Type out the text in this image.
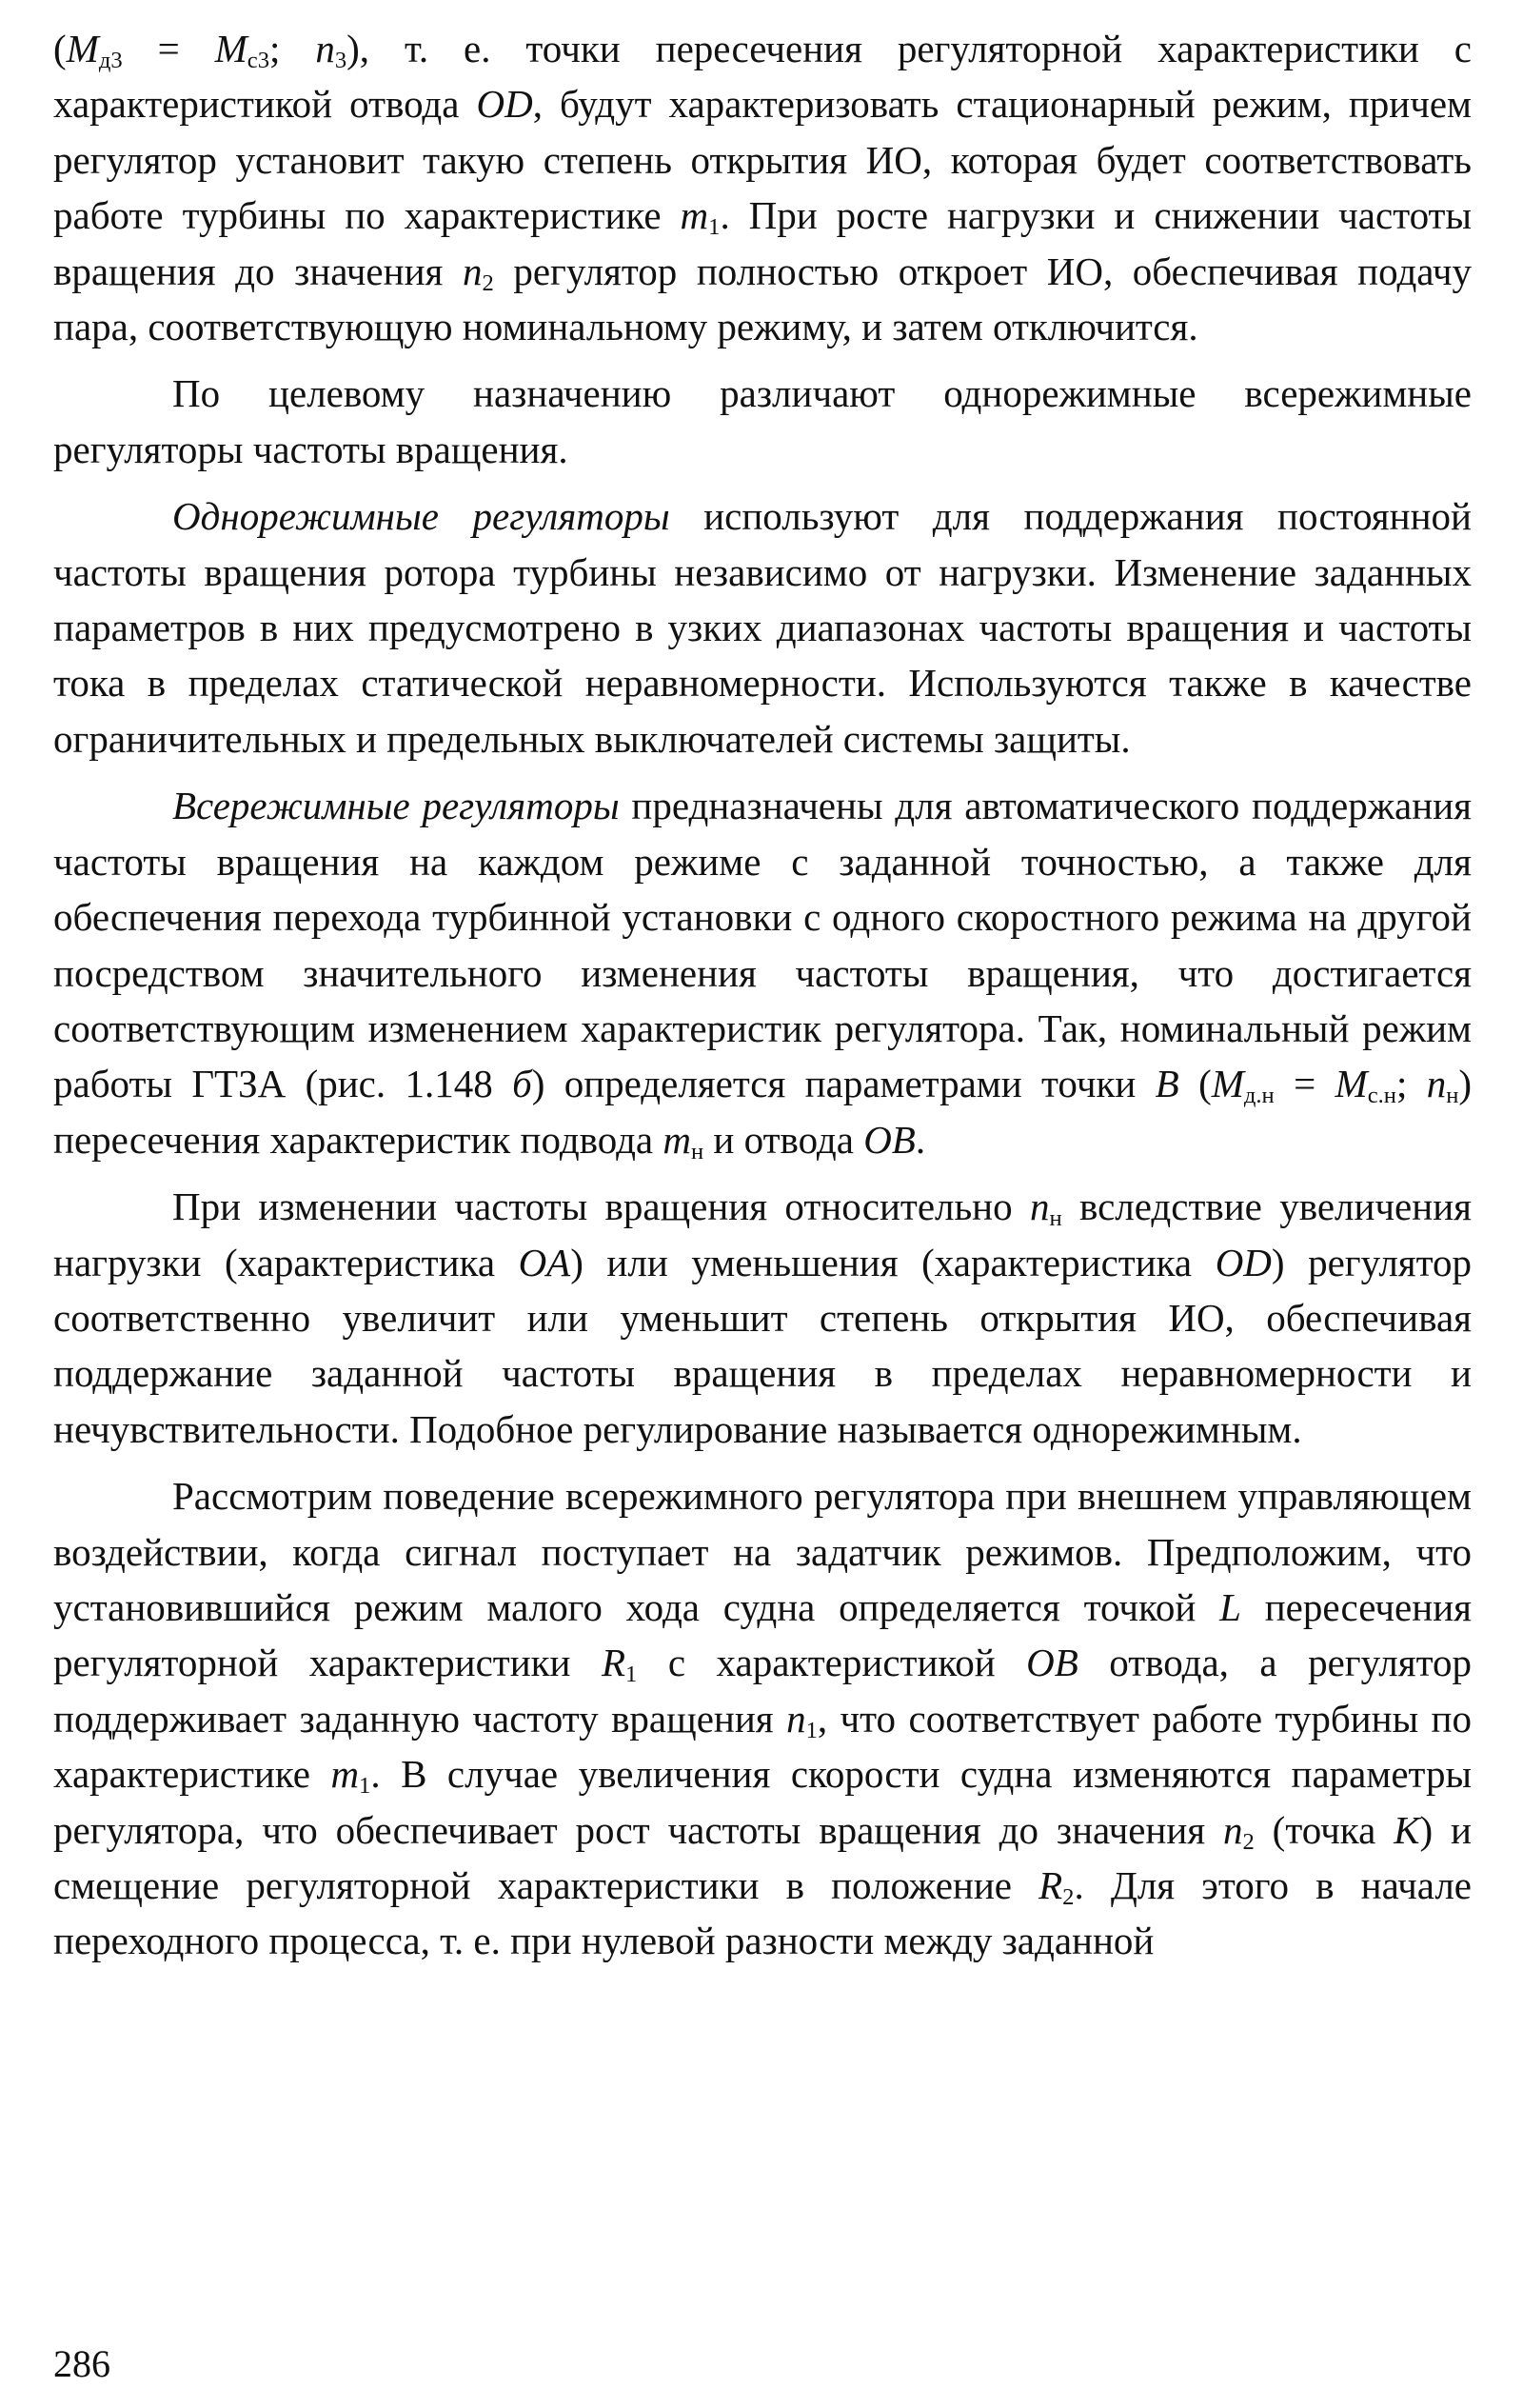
($M_{д3} = M_{с3}$; $n_3$), т. е. точки пересечения регуляторной характеристики с характеристикой отвода OD, будут характеризовать стационарный режим, причем регулятор установит такую степень открытия ИО, которая будет соответствовать работе турбины по характеристике $m_1$. При росте нагрузки и снижении частоты вращения до значения $n_2$ регулятор полностью откроет ИО, обеспечивая подачу пара, соответствующую номинальному режиму, и затем отключится.

По целевому назначению различают однорежимные всережимные регуляторы частоты вращения.

Однорежимные регуляторы используют для поддержания постоянной частоты вращения ротора турбины независимо от нагрузки. Изменение заданных параметров в них предусмотрено в узких диапазонах частоты вращения и частоты тока в пределах статической неравномерности. Используются также в качестве ограничительных и предельных выключателей системы защиты.

Всережимные регуляторы предназначены для автоматического поддержания частоты вращения на каждом режиме с заданной точностью, а также для обеспечения перехода турбинной установки с одного скоростного режима на другой посредством значительного изменения частоты вращения, что достигается соответствующим изменением характеристик регулятора. Так, номинальный режим работы ГТЗА (рис. 1.148 б) определяется параметрами точки B ($M_{д.н} = M_{с.н}$; $n_н$) пересечения характеристик подвода $m_н$ и отвода OB.

При изменении частоты вращения относительно $n_н$ вследствие увеличения нагрузки (характеристика OA) или уменьшения (характеристика OD) регулятор соответственно увеличит или уменьшит степень открытия ИО, обеспечивая поддержание заданной частоты вращения в пределах неравномерности и нечувствительности. Подобное регулирование называется однорежимным.

Рассмотрим поведение всережимного регулятора при внешнем управляющем воздействии, когда сигнал поступает на задатчик режимов. Предположим, что установившийся режим малого хода судна определяется точкой L пересечения регуляторной характеристики $R_1$ с характеристикой OB отвода, а регулятор поддерживает заданную частоту вращения $n_1$, что соответствует работе турбины по характеристике $m_1$. В случае увеличения скорости судна изменяются параметры регулятора, что обеспечивает рост частоты вращения до значения $n_2$ (точка K) и смещение регуляторной характеристики в положение $R_2$. Для этого в начале переходного процесса, т. е. при нулевой разности между заданной

286
